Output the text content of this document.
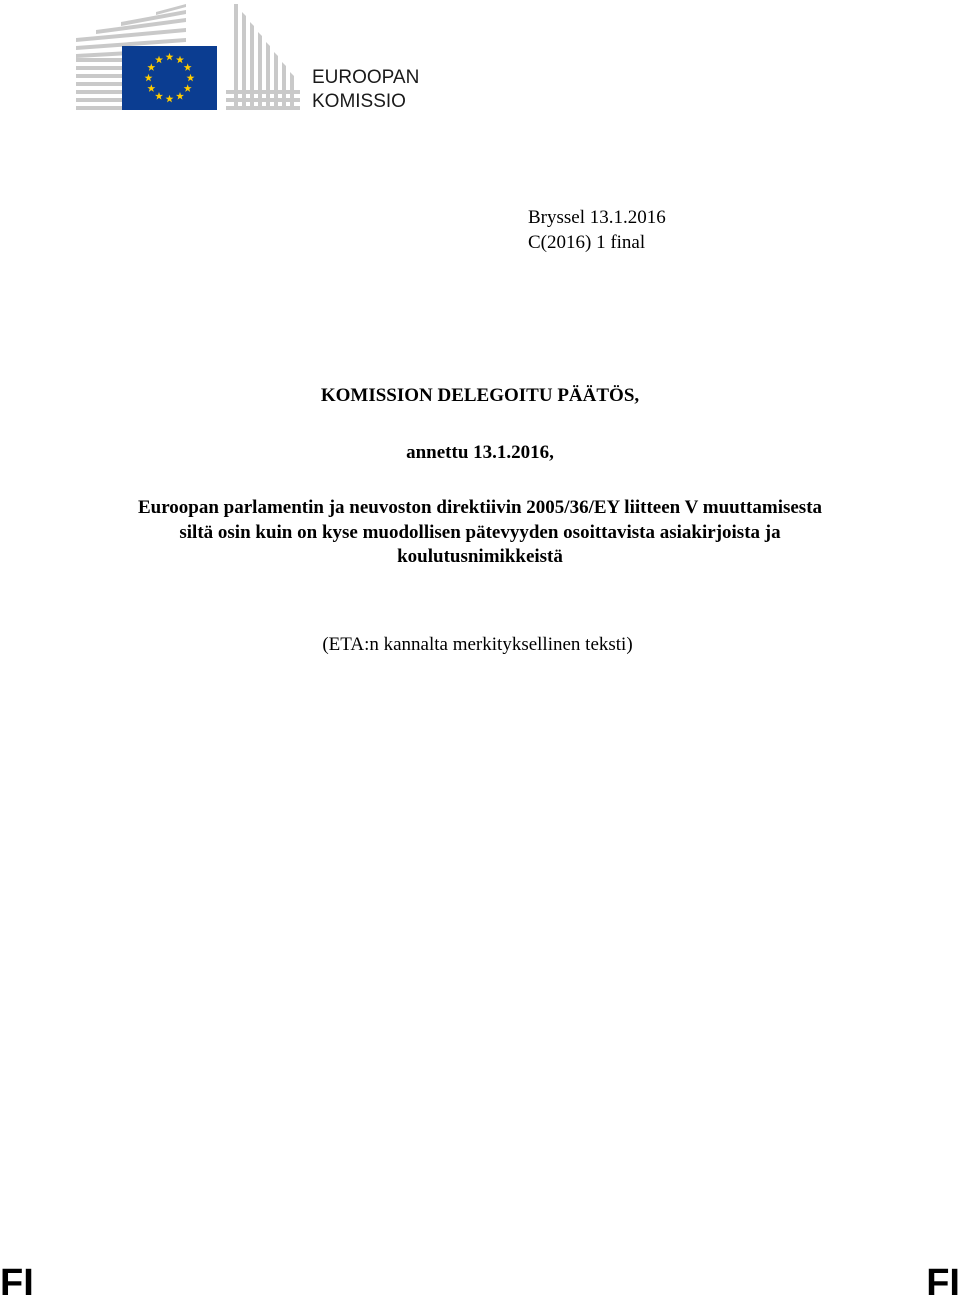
EUROOPAN
KOMISSIO
Bryssel 13.1.2016
C(2016) 1 final
KOMISSION DELEGOITU PÄÄTÖS,
annettu 13.1.2016,
Euroopan parlamentin ja neuvoston direktiivin 2005/36/EY liitteen V muuttamisesta
siltä osin kuin on kyse muodollisen pätevyyden osoittavista asiakirjoista ja
koulutusnimikkeistä
(ETA:n kannalta merkityksellinen teksti)
FI	FI
